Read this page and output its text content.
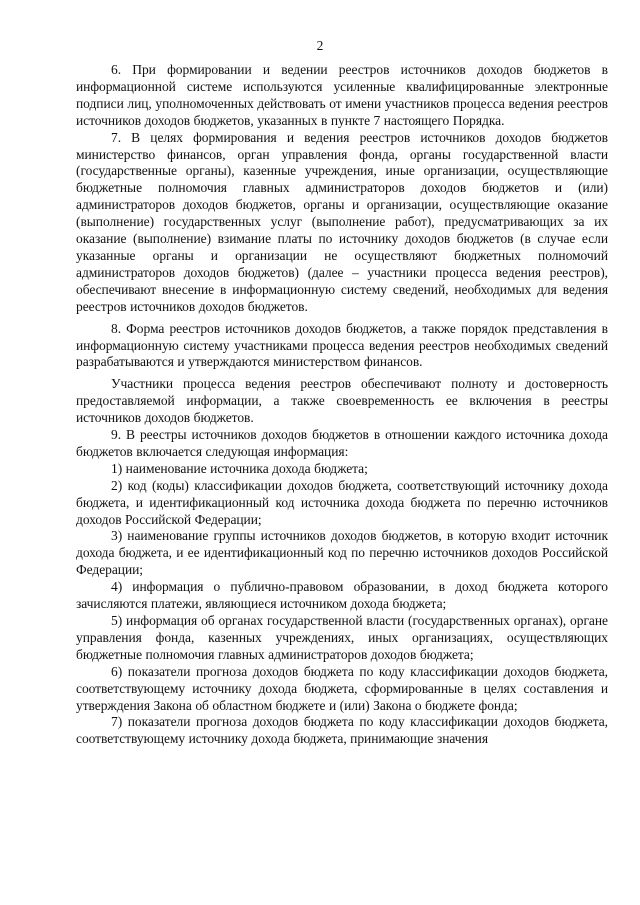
2

6. При формировании и ведении реестров источников доходов бюджетов в информационной системе используются усиленные квалифицированные электронные подписи лиц, уполномоченных действовать от имени участников процесса ведения реестров источников доходов бюджетов, указанных в пункте 7 настоящего Порядка.

7. В целях формирования и ведения реестров источников доходов бюджетов министерство финансов, орган управления фонда, органы государственной власти (государственные органы), казенные учреждения, иные организации, осуществляющие бюджетные полномочия главных администраторов доходов бюджетов и (или) администраторов доходов бюджетов, органы и организации, осуществляющие оказание (выполнение) государственных услуг (выполнение работ), предусматривающих за их оказание (выполнение) взимание платы по источнику доходов бюджетов (в случае если указанные органы и организации не осуществляют бюджетных полномочий администраторов доходов бюджетов) (далее – участники процесса ведения реестров), обеспечивают внесение в информационную систему сведений, необходимых для ведения реестров источников доходов бюджетов.

8. Форма реестров источников доходов бюджетов, а также порядок представления в информационную систему участниками процесса ведения реестров необходимых сведений разрабатываются и утверждаются министерством финансов.

Участники процесса ведения реестров обеспечивают полноту и достоверность предоставляемой информации, а также своевременность ее включения в реестры источников доходов бюджетов.

9. В реестры источников доходов бюджетов в отношении каждого источника дохода бюджетов включается следующая информация:

1) наименование источника дохода бюджета;

2) код (коды) классификации доходов бюджета, соответствующий источнику дохода бюджета, и идентификационный код источника дохода бюджета по перечню источников доходов Российской Федерации;

3) наименование группы источников доходов бюджетов, в которую входит источник дохода бюджета, и ее идентификационный код по перечню источников доходов Российской Федерации;

4) информация о публично-правовом образовании, в доход бюджета которого зачисляются платежи, являющиеся источником дохода бюджета;

5) информация об органах государственной власти (государственных органах), органе управления фонда, казенных учреждениях, иных организациях, осуществляющих бюджетные полномочия главных администраторов доходов бюджета;

6) показатели прогноза доходов бюджета по коду классификации доходов бюджета, соответствующему источнику дохода бюджета, сформированные в целях составления и утверждения Закона об областном бюджете и (или) Закона о бюджете фонда;

7) показатели прогноза доходов бюджета по коду классификации доходов бюджета, соответствующему источнику дохода бюджета, принимающие значения
